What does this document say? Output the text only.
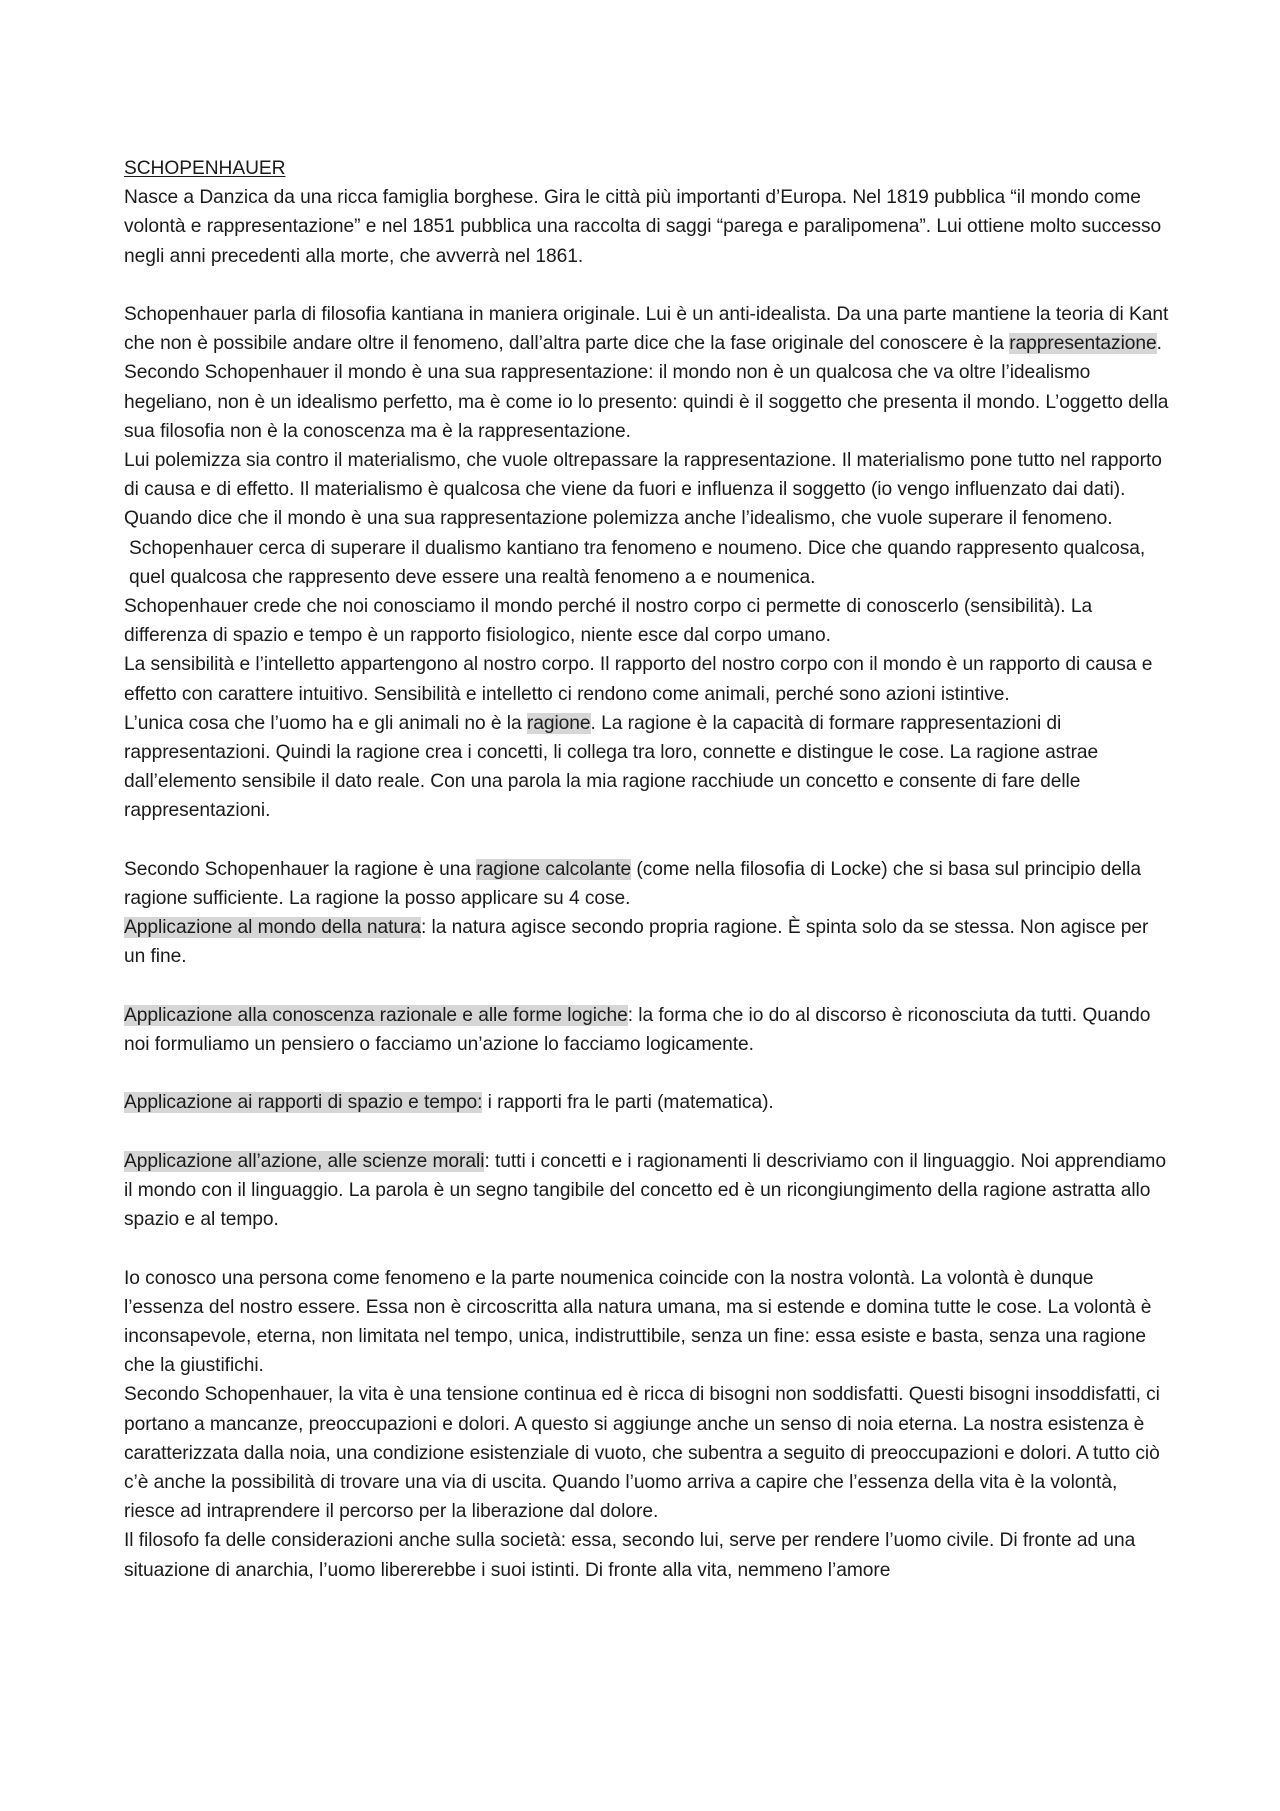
SCHOPENHAUER

Nasce a Danzica da una ricca famiglia borghese. Gira le città più importanti d’Europa. Nel 1819 pubblica “il mondo come volontà e rappresentazione” e nel 1851 pubblica una raccolta di saggi “parega e paralipomena”. Lui ottiene molto successo negli anni precedenti alla morte, che avverrà nel 1861.

Schopenhauer parla di filosofia kantiana in maniera originale. Lui è un anti-idealista. Da una parte mantiene la teoria di Kant che non è possibile andare oltre il fenomeno, dall’altra parte dice che la fase originale del conoscere è la rappresentazione.

Secondo Schopenhauer il mondo è una sua rappresentazione: il mondo non è un qualcosa che va oltre l’idealismo hegeliano, non è un idealismo perfetto, ma è come io lo presento: quindi è il soggetto che presenta il mondo. L’oggetto della sua filosofia non è la conoscenza ma è la rappresentazione.

Lui polemizza sia contro il materialismo, che vuole oltrepassare la rappresentazione. Il materialismo pone tutto nel rapporto di causa e di effetto. Il materialismo è qualcosa che viene da fuori e influenza il soggetto (io vengo influenzato dai dati). Quando dice che il mondo è una sua rappresentazione polemizza anche l’idealismo, che vuole superare il fenomeno.

Schopenhauer cerca di superare il dualismo kantiano tra fenomeno e noumeno. Dice che quando rappresento qualcosa, quel qualcosa che rappresento deve essere una realtà fenomeno a e noumenica.

Schopenhauer crede che noi conosciamo il mondo perché il nostro corpo ci permette di conoscerlo (sensibilità). La differenza di spazio e tempo è un rapporto fisiologico, niente esce dal corpo umano.

La sensibilità e l’intelletto appartengono al nostro corpo. Il rapporto del nostro corpo con il mondo è un rapporto di causa e effetto con carattere intuitivo. Sensibilità e intelletto ci rendono come animali, perché sono azioni istintive.

L’unica cosa che l’uomo ha e gli animali no è la ragione. La ragione è la capacità di formare rappresentazioni di rappresentazioni. Quindi la ragione crea i concetti, li collega tra loro, connette e distingue le cose. La ragione astrae dall’elemento sensibile il dato reale. Con una parola la mia ragione racchiude un concetto e consente di fare delle rappresentazioni.

Secondo Schopenhauer la ragione è una ragione calcolante (come nella filosofia di Locke) che si basa sul principio della ragione sufficiente. La ragione la posso applicare su 4 cose.

Applicazione al mondo della natura: la natura agisce secondo propria ragione. È spinta solo da se stessa. Non agisce per un fine.

Applicazione alla conoscenza razionale e alle forme logiche: la forma che io do al discorso è riconosciuta da tutti. Quando noi formuliamo un pensiero o facciamo un’azione lo facciamo logicamente.

Applicazione ai rapporti di spazio e tempo: i rapporti fra le parti (matematica).

Applicazione all’azione, alle scienze morali: tutti i concetti e i ragionamenti li descriviamo con il linguaggio. Noi apprendiamo il mondo con il linguaggio. La parola è un segno tangibile del concetto ed è un ricongiungimento della ragione astratta allo spazio e al tempo.

Io conosco una persona come fenomeno e la parte noumenica coincide con la nostra volontà. La volontà è dunque l’essenza del nostro essere. Essa non è circoscritta alla natura umana, ma si estende e domina tutte le cose. La volontà è inconsapevole, eterna, non limitata nel tempo, unica, indistruttibile, senza un fine: essa esiste e basta, senza una ragione che la giustifichi.

Secondo Schopenhauer, la vita è una tensione continua ed è ricca di bisogni non soddisfatti. Questi bisogni insoddisfatti, ci portano a mancanze, preoccupazioni e dolori. A questo si aggiunge anche un senso di noia eterna. La nostra esistenza è caratterizzata dalla noia, una condizione esistenziale di vuoto, che subentra a seguito di preoccupazioni e dolori. A tutto ciò c’è anche la possibilità di trovare una via di uscita. Quando l’uomo arriva a capire che l’essenza della vita è la volontà, riesce ad intraprendere il percorso per la liberazione dal dolore.

Il filosofo fa delle considerazioni anche sulla società: essa, secondo lui, serve per rendere l’uomo civile. Di fronte ad una situazione di anarchia, l’uomo libererebbe i suoi istinti. Di fronte alla vita, nemmeno l’amore
